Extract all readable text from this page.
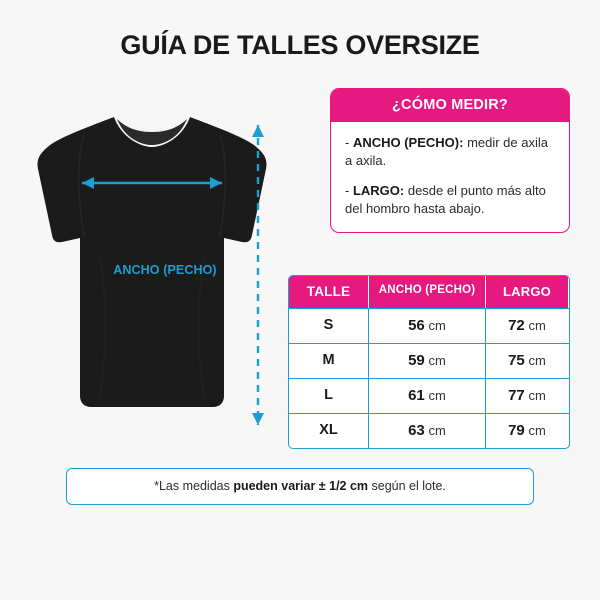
GUÍA DE TALLES OVERSIZE
ANCHO (PECHO)
¿CÓMO MEDIR?

- ANCHO (PECHO): medir de axila a axila.

- LARGO: desde el punto más alto del hombro hasta abajo.

TALLE	ANCHO (PECHO)	LARGO
S	56 cm	72 cm
M	59 cm	75 cm
L	61 cm	77 cm
XL	63 cm	79 cm
*Las medidas pueden variar ± 1/2 cm según el lote.
